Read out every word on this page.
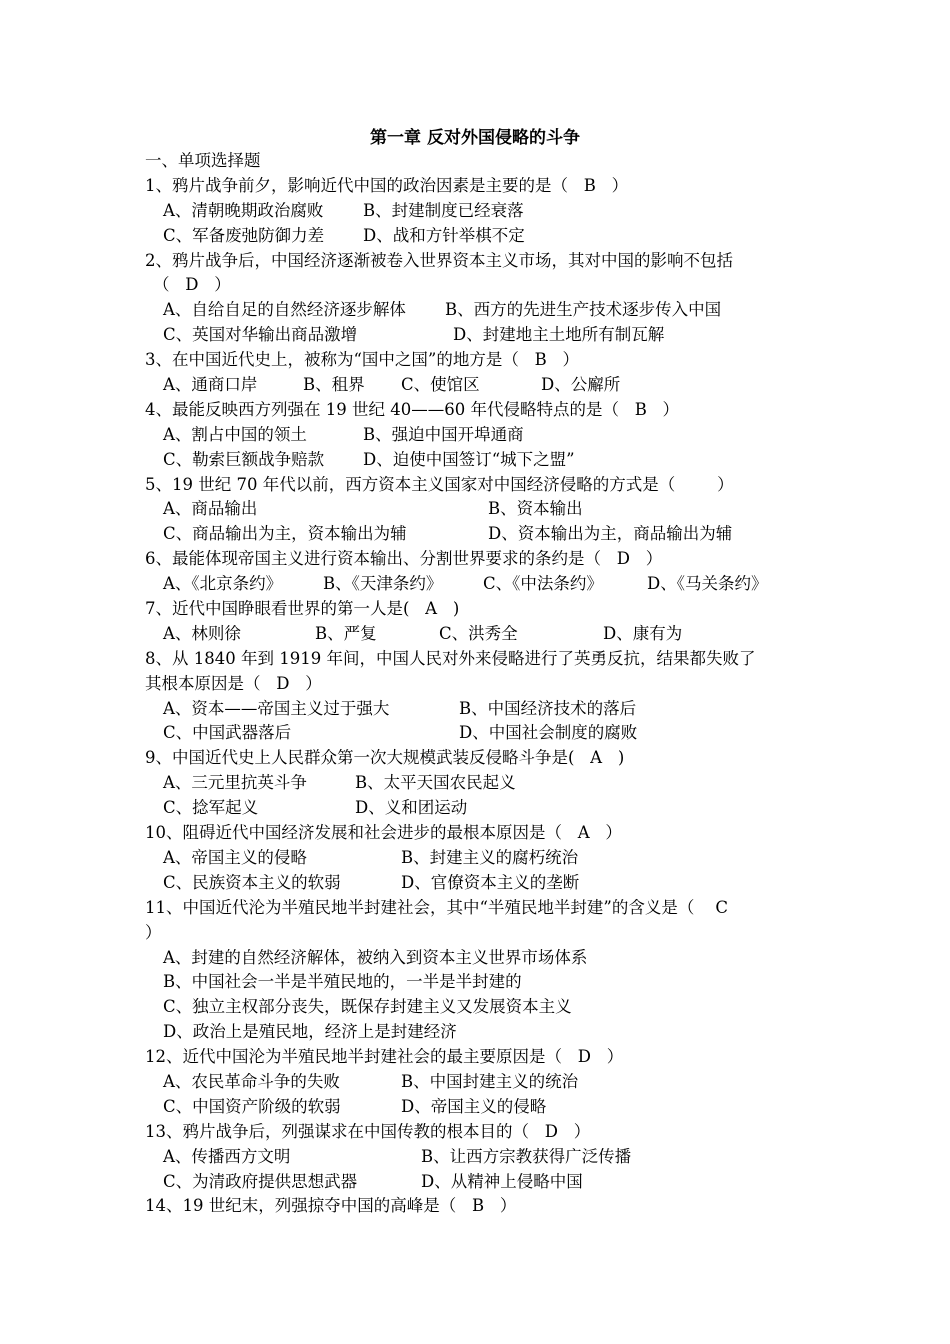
第一章 反对外国侵略的斗争
一、单项选择题
1、鸦片战争前夕，影响近代中国的政治因素是主要的是（   B   ）
A、清朝晚期政治腐败	B、封建制度已经衰落
C、军备废弛防御力差	D、战和方针举棋不定
2、鸦片战争后，中国经济逐渐被卷入世界资本主义市场，其对中国的影响不包括
（   D   ）
A、自给自足的自然经济逐步解体	B、西方的先进生产技术逐步传入中国
C、英国对华输出商品激增	D、封建地主土地所有制瓦解
3、在中国近代史上，被称为“国中之国”的地方是（   B   ）
A、通商口岸	B、租界	C、使馆区	D、公廨所
4、最能反映西方列强在 19 世纪 40——60 年代侵略特点的是（   B   ）
A、割占中国的领土	B、强迫中国开埠通商
C、勒索巨额战争赔款	D、迫使中国签订“城下之盟”
5、19 世纪 70 年代以前，西方资本主义国家对中国经济侵略的方式是（        ）
A、商品输出	B、资本输出
C、商品输出为主，资本输出为辅	D、资本输出为主，商品输出为辅
6、最能体现帝国主义进行资本输出、分割世界要求的条约是（   D   ）
A、《北京条约》	B、《天津条约》	C、《中法条约》	D、《马关条约》
7、近代中国睁眼看世界的第一人是(   A   )
A、林则徐	B、严复	C、洪秀全	D、康有为
8、从 1840 年到 1919 年间，中国人民对外来侵略进行了英勇反抗，结果都失败了
其根本原因是（   D   ）
A、资本——帝国主义过于强大	B、中国经济技术的落后
C、中国武器落后	D、中国社会制度的腐败
9、中国近代史上人民群众第一次大规模武装反侵略斗争是(   A   )
A、三元里抗英斗争	B、太平天国农民起义
C、捻军起义	D、义和团运动
10、阻碍近代中国经济发展和社会进步的最根本原因是（   A   ）
A、帝国主义的侵略	B、封建主义的腐朽统治
C、民族资本主义的软弱	D、官僚资本主义的垄断
11、中国近代沦为半殖民地半封建社会，其中“半殖民地半封建”的含义是（    C
）
A、封建的自然经济解体，被纳入到资本主义世界市场体系
B、中国社会一半是半殖民地的，一半是半封建的
C、独立主权部分丧失，既保存封建主义又发展资本主义
D、政治上是殖民地，经济上是封建经济
12、近代中国沦为半殖民地半封建社会的最主要原因是（   D   ）
A、农民革命斗争的失败	B、中国封建主义的统治
C、中国资产阶级的软弱	D、帝国主义的侵略
13、鸦片战争后，列强谋求在中国传教的根本目的（   D   ）
A、传播西方文明	B、让西方宗教获得广泛传播
C、为清政府提供思想武器	D、从精神上侵略中国
14、19 世纪末，列强掠夺中国的高峰是（   B   ）
